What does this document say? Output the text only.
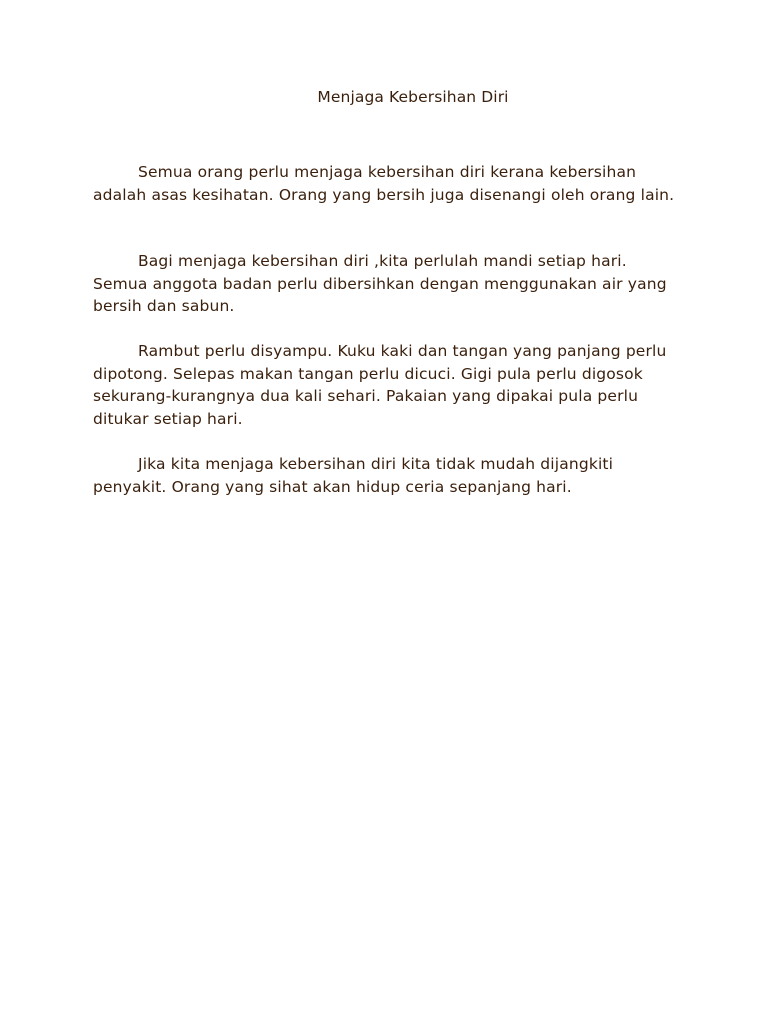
Menjaga Kebersihan Diri

Semua orang perlu menjaga kebersihan diri kerana kebersihan adalah asas kesihatan. Orang yang bersih juga disenangi oleh orang lain.

Bagi menjaga kebersihan diri ,kita perlulah mandi setiap hari. Semua anggota badan perlu dibersihkan dengan menggunakan air yang bersih dan sabun.

Rambut perlu disyampu. Kuku kaki dan tangan yang panjang perlu dipotong. Selepas makan tangan perlu dicuci. Gigi pula perlu digosok sekurang-kurangnya dua kali sehari. Pakaian yang dipakai pula perlu ditukar setiap hari.

Jika kita menjaga kebersihan diri kita tidak mudah dijangkiti penyakit. Orang yang sihat akan hidup ceria sepanjang hari.
